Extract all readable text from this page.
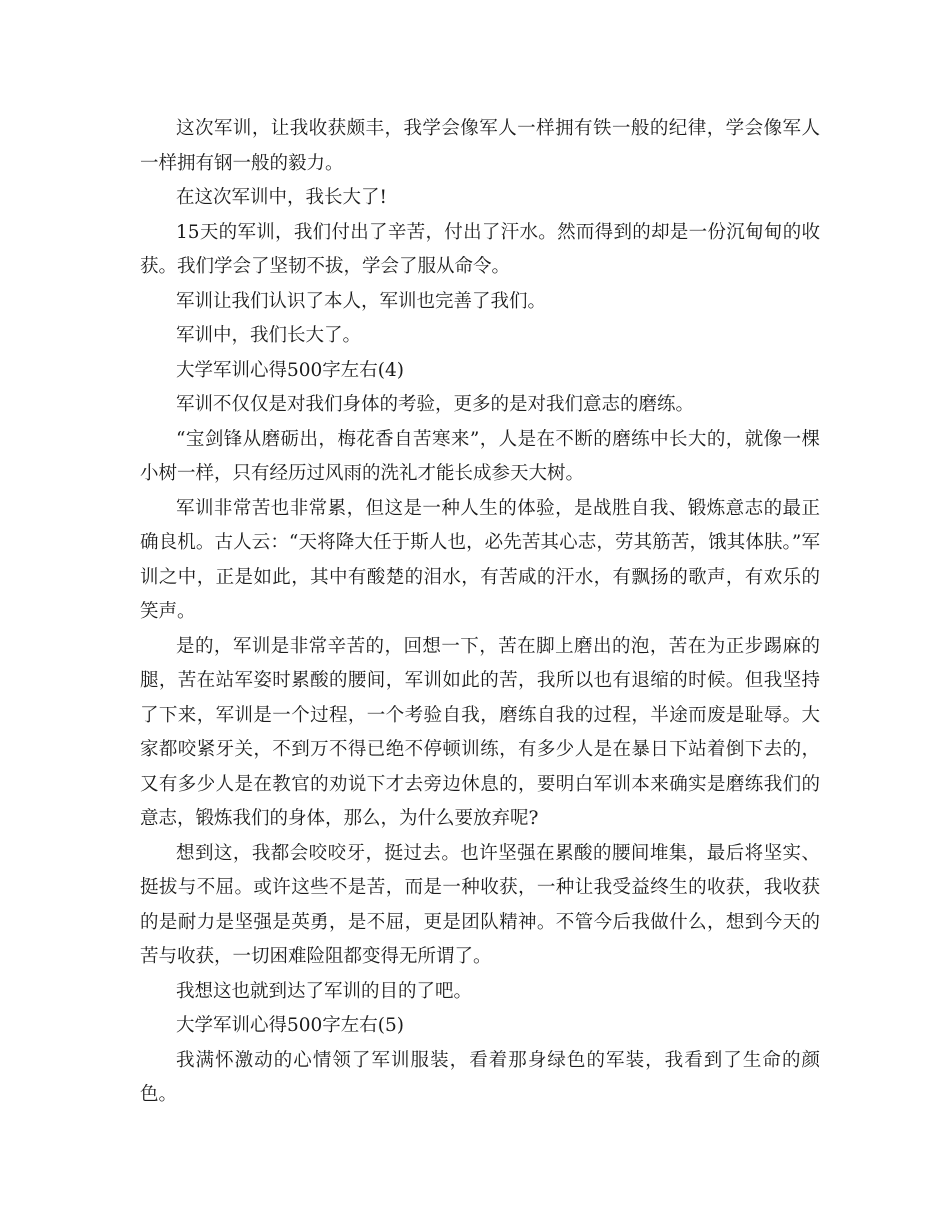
这次军训，让我收获颇丰，我学会像军人一样拥有铁一般的纪律，学会像军人一样拥有钢一般的毅力。

在这次军训中，我长大了!

15天的军训，我们付出了辛苦，付出了汗水。然而得到的却是一份沉甸甸的收获。我们学会了坚韧不拔，学会了服从命令。

军训让我们认识了本人，军训也完善了我们。

军训中，我们长大了。

大学军训心得500字左右(4)

军训不仅仅是对我们身体的考验，更多的是对我们意志的磨练。

“宝剑锋从磨砺出，梅花香自苦寒来”，人是在不断的磨练中长大的，就像一棵小树一样，只有经历过风雨的洗礼才能长成参天大树。

军训非常苦也非常累，但这是一种人生的体验，是战胜自我、锻炼意志的最正确良机。古人云：“天将降大任于斯人也，必先苦其心志，劳其筋苦，饿其体肤。”军训之中，正是如此，其中有酸楚的泪水，有苦咸的汗水，有飘扬的歌声，有欢乐的笑声。

是的，军训是非常辛苦的，回想一下，苦在脚上磨出的泡，苦在为正步踢麻的腿，苦在站军姿时累酸的腰间，军训如此的苦，我所以也有退缩的时候。但我坚持了下来，军训是一个过程，一个考验自我，磨练自我的过程，半途而废是耻辱。大家都咬紧牙关，不到万不得已绝不停顿训练，有多少人是在暴日下站着倒下去的，又有多少人是在教官的劝说下才去旁边休息的，要明白军训本来确实是磨练我们的意志，锻炼我们的身体，那么，为什么要放弃呢?

想到这，我都会咬咬牙，挺过去。也许坚强在累酸的腰间堆集，最后将坚实、挺拔与不屈。或许这些不是苦，而是一种收获，一种让我受益终生的收获，我收获的是耐力是坚强是英勇，是不屈，更是团队精神。不管今后我做什么，想到今天的苦与收获，一切困难险阻都变得无所谓了。

我想这也就到达了军训的目的了吧。

大学军训心得500字左右(5)

我满怀激动的心情领了军训服装，看着那身绿色的军装，我看到了生命的颜色。
